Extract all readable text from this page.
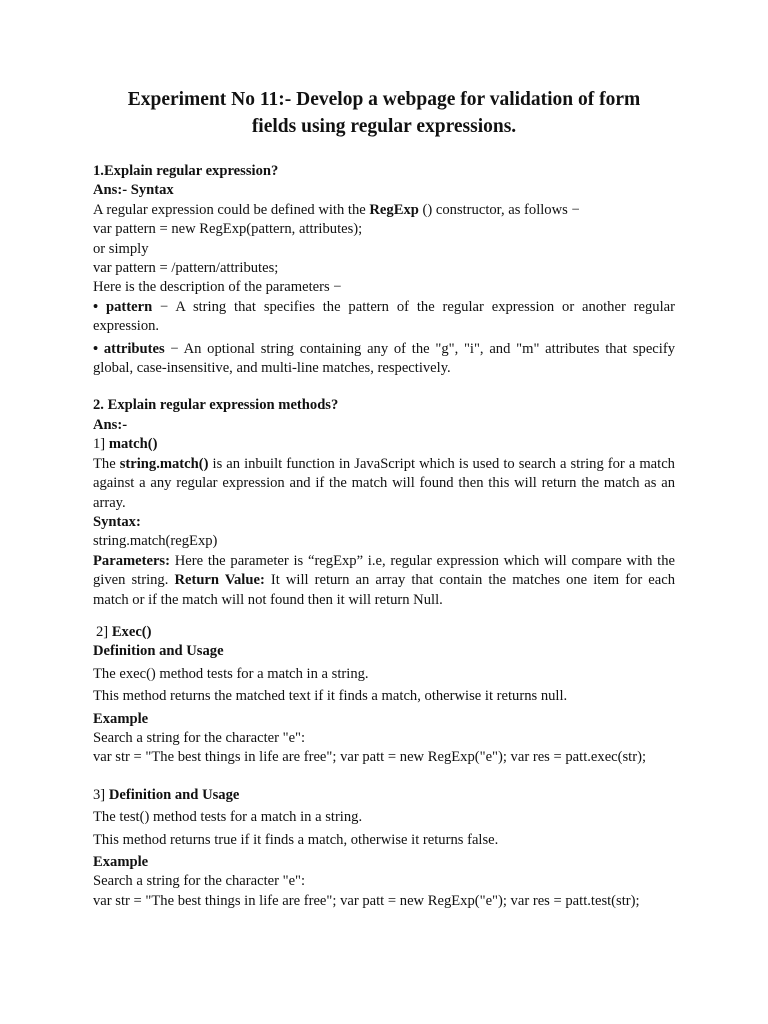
Experiment No 11:- Develop a webpage for validation of form
fields using regular expressions.

1.Explain regular expression?

Ans:- Syntax

A regular expression could be defined with the RegExp () constructor, as follows −

var pattern = new RegExp(pattern, attributes);

or simply

var pattern = /pattern/attributes;

Here is the description of the parameters −

• pattern − A string that specifies the pattern of the regular expression or another regular expression.

• attributes − An optional string containing any of the "g", "i", and "m" attributes that specify global, case-insensitive, and multi-line matches, respectively.

2. Explain regular expression methods?

Ans:-

1] match()

The string.match() is an inbuilt function in JavaScript which is used to search a string for a match against a any regular expression and if the match will found then this will return the match as an array.

Syntax:

string.match(regExp)

Parameters: Here the parameter is “regExp” i.e, regular expression which will compare with the given string. Return Value: It will return an array that contain the matches one item for each match or if the match will not found then it will return Null.

2] Exec()

Definition and Usage

The exec() method tests for a match in a string.

This method returns the matched text if it finds a match, otherwise it returns null.

Example

Search a string for the character "e":

var str = "The best things in life are free"; var patt = new RegExp("e"); var res = patt.exec(str);

3] Definition and Usage

The test() method tests for a match in a string.

This method returns true if it finds a match, otherwise it returns false.

Example

Search a string for the character "e":

var str = "The best things in life are free"; var patt = new RegExp("e"); var res = patt.test(str);
